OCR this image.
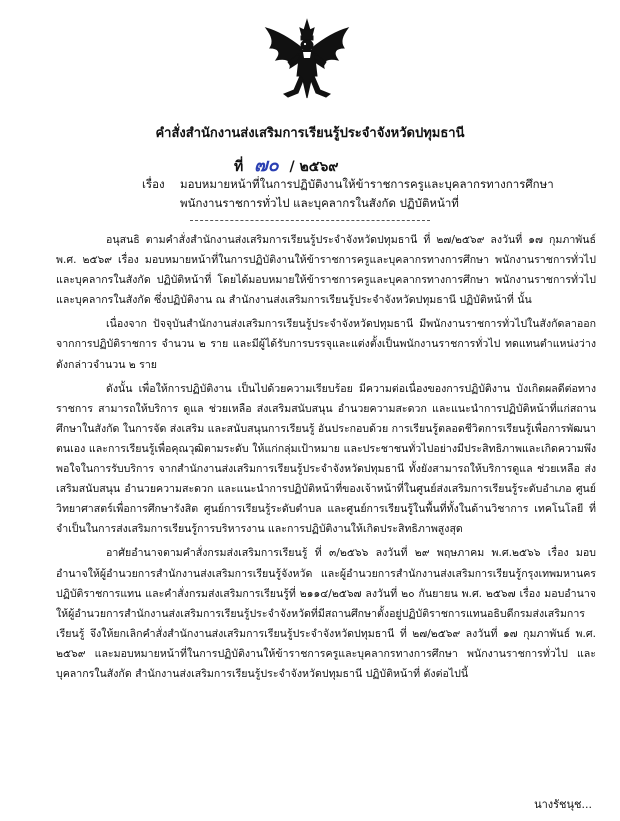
คำสั่งสำนักงานส่งเสริมการเรียนรู้ประจำจังหวัดปทุมธานี
ที่ ๗๐ / ๒๕๖๙
เรื่อง มอบหมายหน้าที่ในการปฏิบัติงานให้ข้าราชการครูและบุคลากรทางการศึกษา
พนักงานราชการทั่วไป และบุคลากรในสังกัด ปฏิบัติหน้าที่

อนุสนธิ ตามคำสั่งสำนักงานส่งเสริมการเรียนรู้ประจำจังหวัดปทุมธานี ที่ ๒๗/๒๕๖๙ ลงวันที่ ๑๗ กุมภาพันธ์ พ.ศ. ๒๕๖๙ เรื่อง มอบหมายหน้าที่ในการปฏิบัติงานให้ข้าราชการครูและบุคลากรทางการศึกษา พนักงานราชการทั่วไป และบุคลากรในสังกัด ปฏิบัติหน้าที่ โดยได้มอบหมายให้ข้าราชการครูและบุคลากรทางการศึกษา พนักงานราชการทั่วไป และบุคลากรในสังกัด ซึ่งปฏิบัติงาน ณ สำนักงานส่งเสริมการเรียนรู้ประจำจังหวัดปทุมธานี ปฏิบัติหน้าที่ นั้น

เนื่องจาก ปัจจุบันสำนักงานส่งเสริมการเรียนรู้ประจำจังหวัดปทุมธานี มีพนักงานราชการทั่วไปในสังกัดลาออกจากการปฏิบัติราชการ จำนวน ๒ ราย และมีผู้ได้รับการบรรจุและแต่งตั้งเป็นพนักงานราชการทั่วไป ทดแทนตำแหน่งว่างดังกล่าวจำนวน ๒ ราย

ดังนั้น เพื่อให้การปฏิบัติงาน เป็นไปด้วยความเรียบร้อย มีความต่อเนื่องของการปฏิบัติงาน บังเกิดผลดีต่อทางราชการ สามารถให้บริการ ดูแล ช่วยเหลือ ส่งเสริมสนับสนุน อำนวยความสะดวก และแนะนำการปฏิบัติหน้าที่แก่สถานศึกษาในสังกัด ในการจัด ส่งเสริม และสนับสนุนการเรียนรู้ อันประกอบด้วย การเรียนรู้ตลอดชีวิตการเรียนรู้เพื่อการพัฒนาตนเอง และการเรียนรู้เพื่อคุณวุฒิตามระดับ ให้แก่กลุ่มเป้าหมาย และประชาชนทั่วไปอย่างมีประสิทธิภาพและเกิดความพึงพอใจในการรับบริการ จากสำนักงานส่งเสริมการเรียนรู้ประจำจังหวัดปทุมธานี ทั้งยังสามารถให้บริการดูแล ช่วยเหลือ ส่งเสริมสนับสนุน อำนวยความสะดวก และแนะนำการปฏิบัติหน้าที่ของเจ้าหน้าที่ในศูนย์ส่งเสริมการเรียนรู้ระดับอำเภอ ศูนย์วิทยาศาสตร์เพื่อการศึกษารังสิต ศูนย์การเรียนรู้ระดับตำบล และศูนย์การเรียนรู้ในพื้นที่ทั้งในด้านวิชาการ เทคโนโลยี ที่จำเป็นในการส่งเสริมการเรียนรู้การบริหารงาน และการปฏิบัติงานให้เกิดประสิทธิภาพสูงสุด

อาศัยอำนาจตามคำสั่งกรมส่งเสริมการเรียนรู้ ที่ ๓/๒๕๖๖ ลงวันที่ ๒๙ พฤษภาคม พ.ศ.๒๕๖๖ เรื่อง มอบอำนาจให้ผู้อำนวยการสำนักงานส่งเสริมการเรียนรู้จังหวัด และผู้อำนวยการสำนักงานส่งเสริมการเรียนรู้กรุงเทพมหานคร ปฏิบัติราชการแทน และคำสั่งกรมส่งเสริมการเรียนรู้ที่ ๒๑๑๔/๒๕๖๗ ลงวันที่ ๒๐ กันยายน พ.ศ. ๒๕๖๗ เรื่อง มอบอำนาจให้ผู้อำนวยการสำนักงานส่งเสริมการเรียนรู้ประจำจังหวัดที่มีสถานศึกษาตั้งอยู่ปฏิบัติราชการแทนอธิบดีกรมส่งเสริมการเรียนรู้ จึงให้ยกเลิกคำสั่งสำนักงานส่งเสริมการเรียนรู้ประจำจังหวัดปทุมธานี ที่ ๒๗/๒๕๖๙ ลงวันที่ ๑๗ กุมภาพันธ์ พ.ศ. ๒๕๖๙ และมอบหมายหน้าที่ในการปฏิบัติงานให้ข้าราชการครูและบุคลากรทางการศึกษา พนักงานราชการทั่วไป และบุคลากรในสังกัด สำนักงานส่งเสริมการเรียนรู้ประจำจังหวัดปทุมธานี ปฏิบัติหน้าที่ ดังต่อไปนี้

นางรัชนุช...
